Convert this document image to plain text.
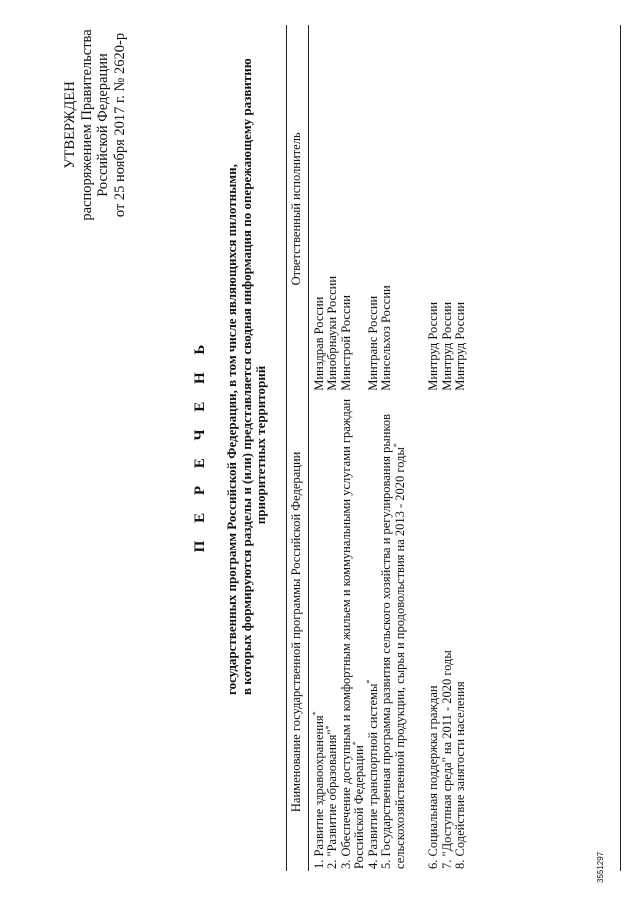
УТВЕРЖДЕН распоряжением Правительства Российской Федерации от 25 ноября 2017 г. № 2620-р
П Е Р Е Ч Е Н Ь государственных программ Российской Федерации, в том числе являющихся пилотными, в которых формируются разделы и (или) представляется сводная информация по опережающему развитию приоритетных территорий
Наименование государственной программы Российской Федерации	Ответственный исполнитель
1. Развитие здравоохранения*	Минздрав России
2. "Развитие образования"*	Минобрнауки России
3. Обеспечение доступным и комфортным жильем и коммунальными услугами граждан Российской Федерации*	Минстрой России
4. Развитие транспортной системы*	Минтранс России
5. Государственная программа развития сельского хозяйства и регулирования рынков сельскохозяйственной продукции, сырья и продовольствия на 2013 - 2020 годы*	Минсельхоз России
6. Социальная поддержка граждан	Минтруд России
7. "Доступная среда" на 2011 - 2020 годы	Минтруд России
8. Содействие занятости населения	Минтруд России
3551297
